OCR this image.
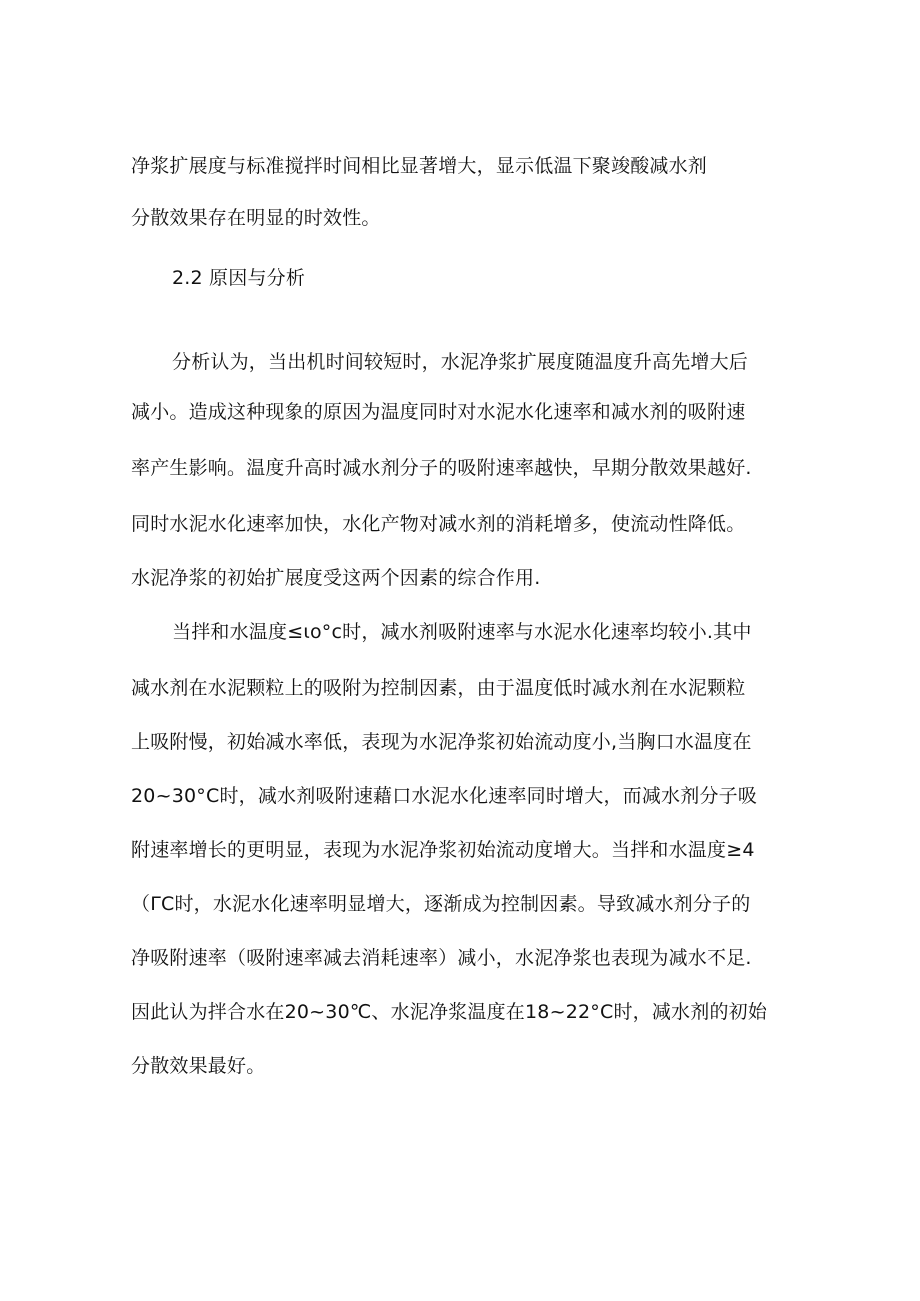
净浆扩展度与标准搅拌时间相比显著增大，显示低温下聚竣酸减水剂
分散效果存在明显的时效性。
2.2 原因与分析
分析认为，当出机时间较短时，水泥净浆扩展度随温度升高先增大后
减小。造成这种现象的原因为温度同时对水泥水化速率和减水剂的吸附速
率产生影响。温度升高时减水剂分子的吸附速率越快，早期分散效果越好.
同时水泥水化速率加快，水化产物对减水剂的消耗增多，使流动性降低。
水泥净浆的初始扩展度受这两个因素的综合作用.
当拌和水温度≤ιo°c时，减水剂吸附速率与水泥水化速率均较小.其中
减水剂在水泥颗粒上的吸附为控制因素，由于温度低时减水剂在水泥颗粒
上吸附慢，初始减水率低，表现为水泥净浆初始流动度小,当胸口水温度在
20~30°C时，减水剂吸附速藉口水泥水化速率同时增大，而减水剂分子吸
附速率增长的更明显，表现为水泥净浆初始流动度增大。当拌和水温度≥4
（ΓC时，水泥水化速率明显增大，逐渐成为控制因素。导致减水剂分子的
净吸附速率（吸附速率减去消耗速率）减小，水泥净浆也表现为减水不足.
因此认为拌合水在20~30℃、水泥净浆温度在18~22°C时，减水剂的初始
分散效果最好。
